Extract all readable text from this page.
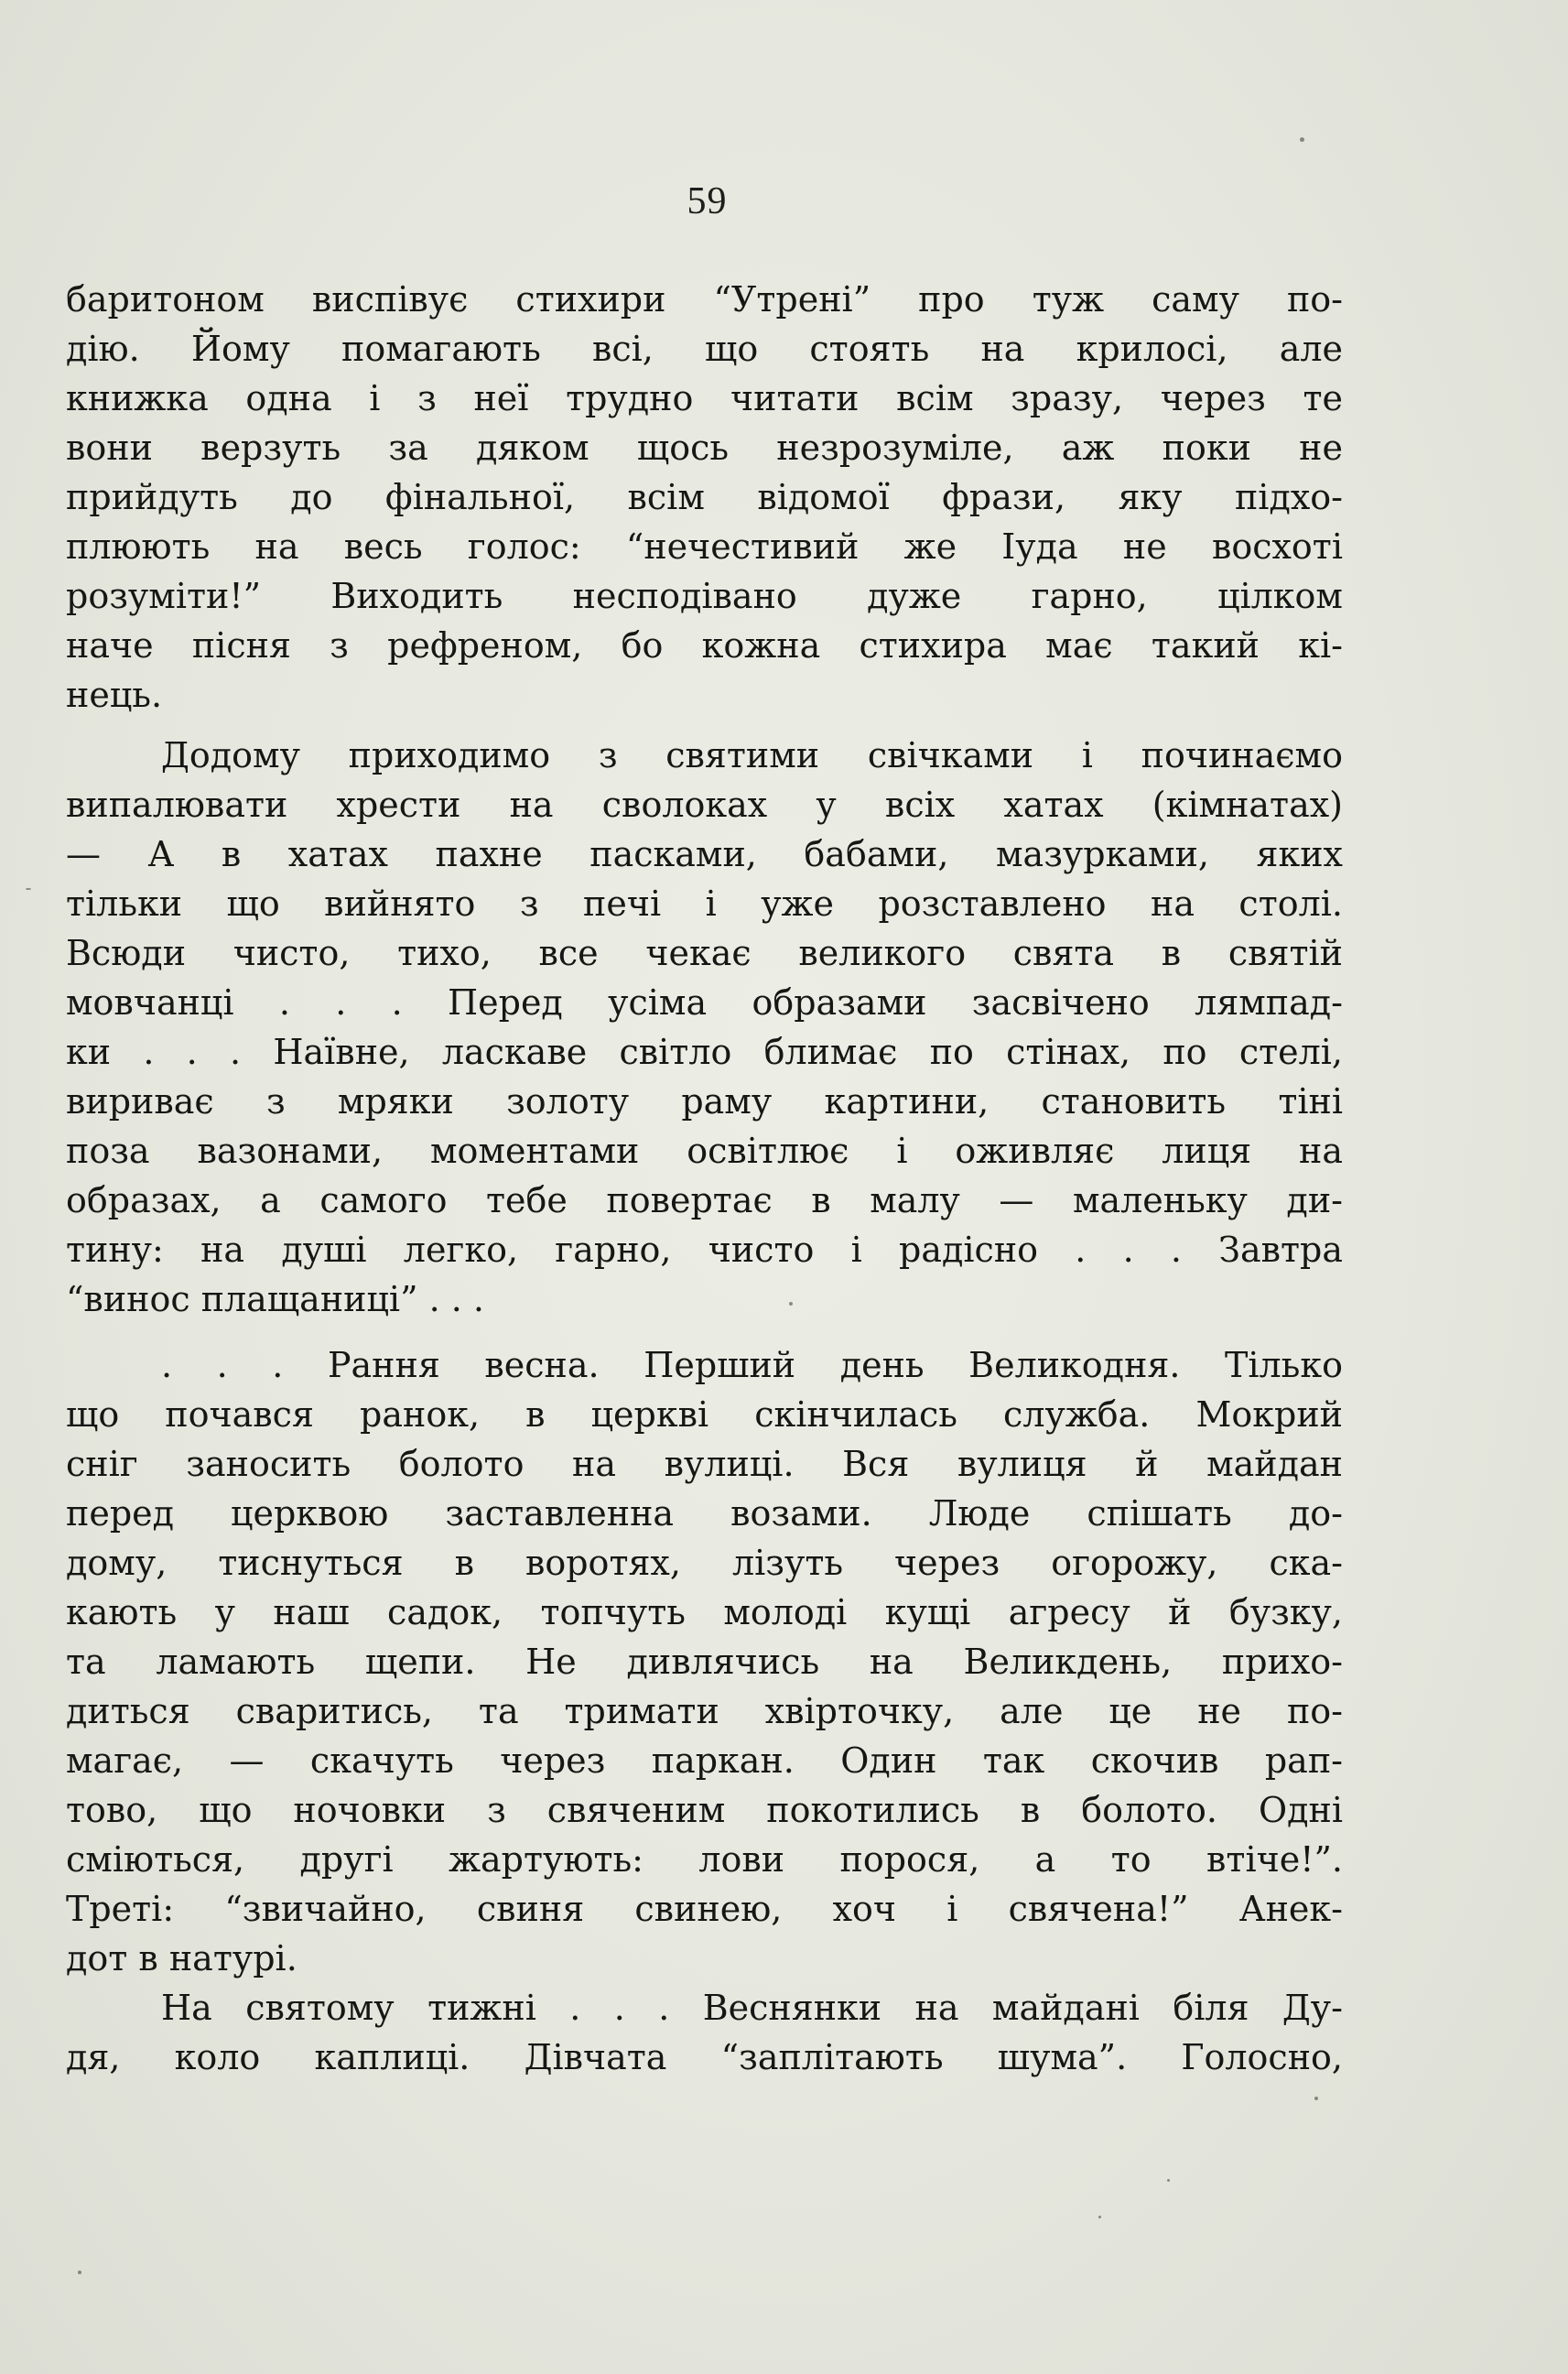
59
баритоном виспівує стихири “Утрені” про туж саму по-
дію. Йому помагають всі, що стоять на крилосі, але
книжка одна і з неї трудно читати всім зразу, через те
вони верзуть за дяком щось незрозуміле, аж поки не
прийдуть до фінальної, всім відомої фрази, яку підхо-
плюють на весь голос: “нечестивий же Іуда не восхоті
розуміти!” Виходить несподівано дуже гарно, цілком
наче пісня з рефреном, бо кожна стихира має такий кі-
нець.
Додому приходимо з святими свічками і починаємо
випалювати хрести на сволоках у всіх хатах (кімнатах)
— А в хатах пахне пасками, бабами, мазурками, яких
тільки що вийнято з печі і уже розставлено на столі.
Всюди чисто, тихо, все чекає великого свята в святій
мовчанці . . . Перед усіма образами засвічено лямпад-
ки . . . Наївне, ласкаве світло блимає по стінах, по стелі,
вириває з мряки золоту раму картини, становить тіні
поза вазонами, моментами освітлює і оживляє лиця на
образах, а самого тебе повертає в малу — маленьку ди-
тину: на душі легко, гарно, чисто і радісно . . . Завтра
“винос плащаниці” . . .
. . . Рання весна. Перший день Великодня. Тілько
що почався ранок, в церкві скінчилась служба. Мокрий
сніг заносить болото на вулиці. Вся вулиця й майдан
перед церквою заставленна возами. Люде спішать до-
дому, тиснуться в воротях, лізуть через огорожу, ска-
кають у наш садок, топчуть молоді кущі агресу й бузку,
та ламають щепи. Не дивлячись на Великдень, прихо-
диться сваритись, та тримати хвірточку, але це не по-
магає, — скачуть через паркан. Один так скочив рап-
тово, що ночовки з свяченим покотились в болото. Одні
сміються, другі жартують: лови порося, а то втіче!”.
Треті: “звичайно, свиня свинею, хоч і свячена!” Анек-
дот в натурі.
На святому тижні . . . Веснянки на майдані біля Ду-
дя, коло каплиці. Дівчата “заплітають шума”. Голосно,
